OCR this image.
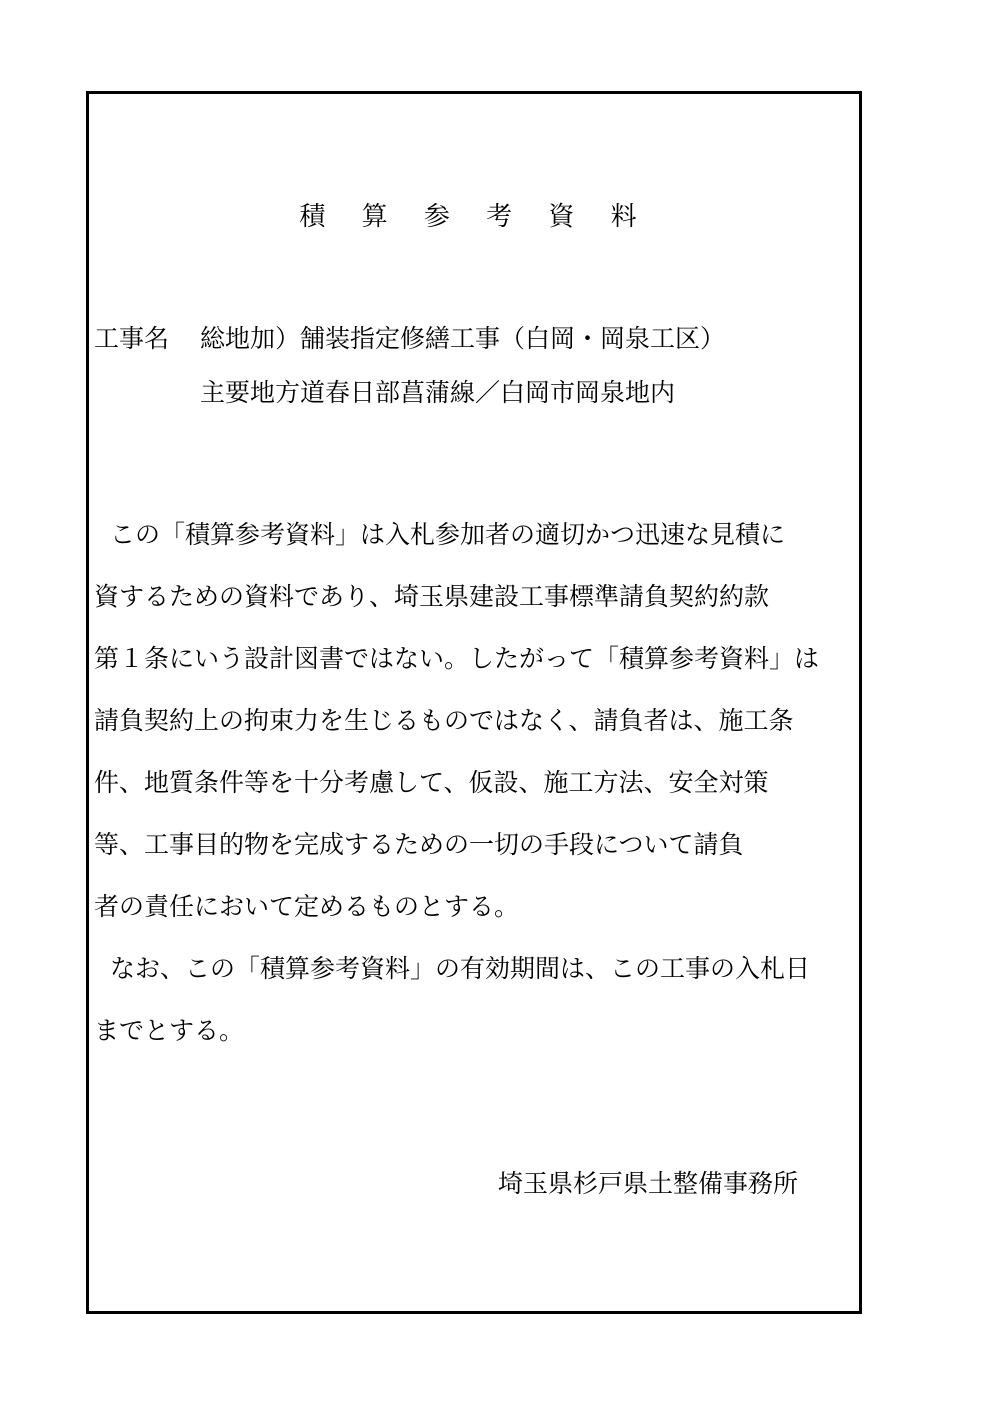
積 算 参 考 資 料
工事名 総地加）舗装指定修繕工事（白岡・岡泉工区）
主要地方道春日部菖蒲線／白岡市岡泉地内
この「積算参考資料」は入札参加者の適切かつ迅速な見積に
資するための資料であり、埼玉県建設工事標準請負契約約款
第１条にいう設計図書ではない。したがって「積算参考資料」は
請負契約上の拘束力を生じるものではなく、請負者は、施工条
件、地質条件等を十分考慮して、仮設、施工方法、安全対策
等、工事目的物を完成するための一切の手段について請負
者の責任において定めるものとする。
なお、この「積算参考資料」の有効期間は、この工事の入札日
までとする。
埼玉県杉戸県土整備事務所
